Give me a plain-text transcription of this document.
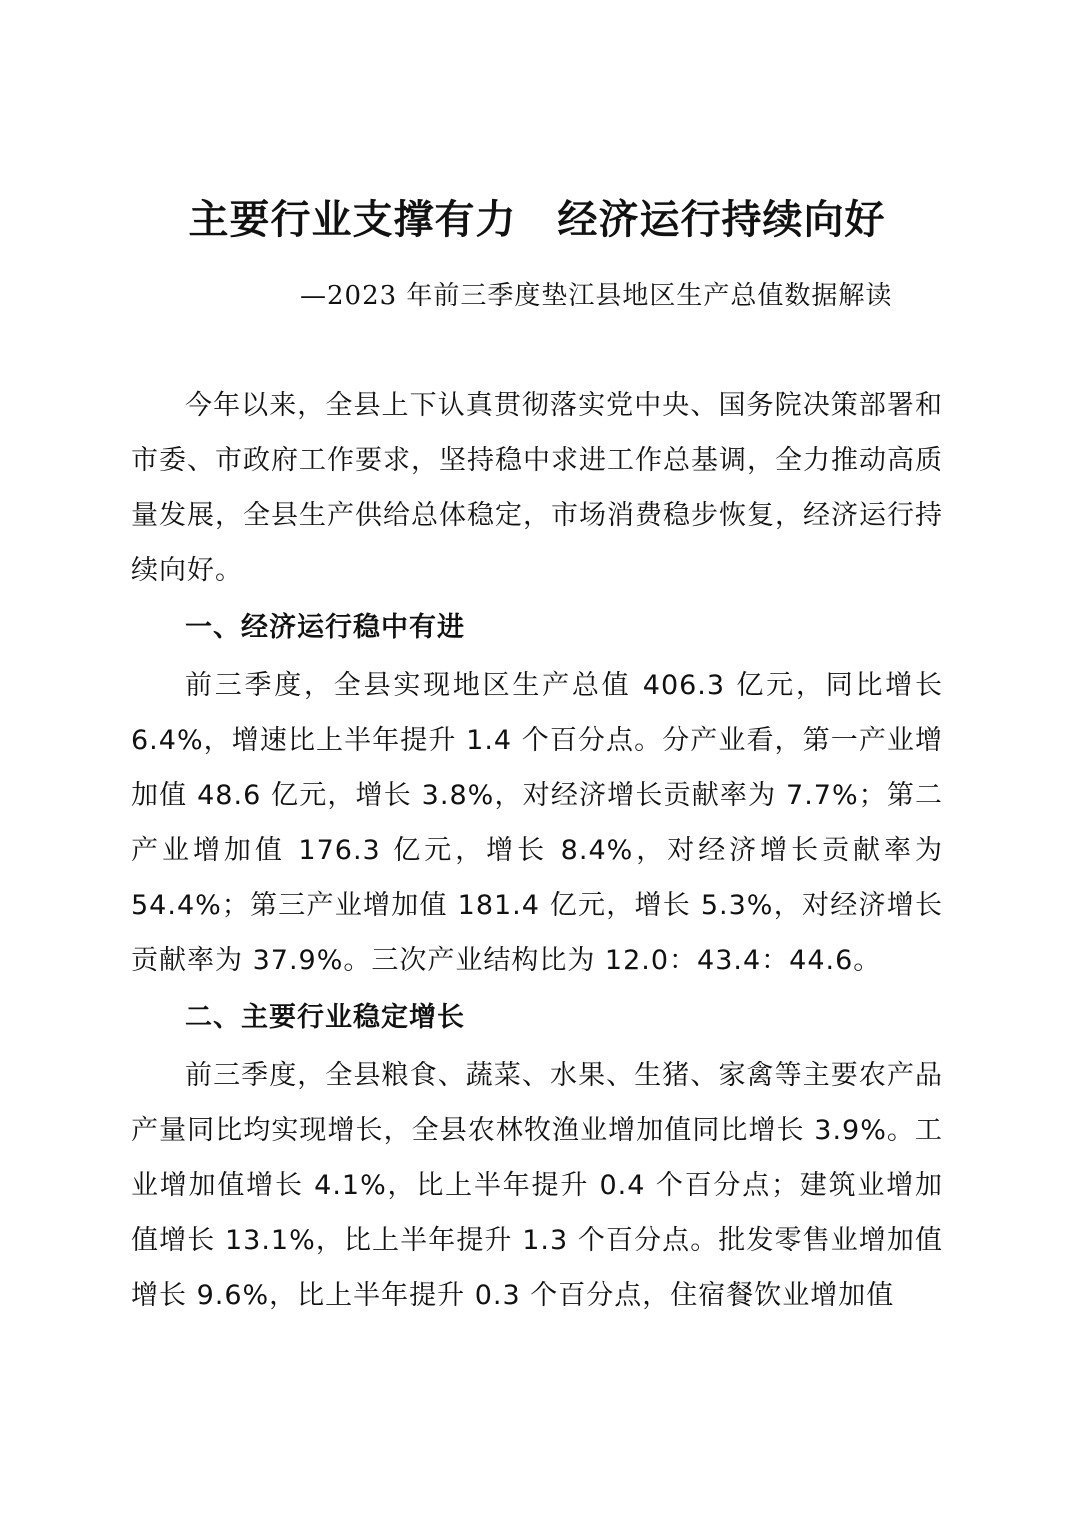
主要行业支撑有力　经济运行持续向好
—2023 年前三季度垫江县地区生产总值数据解读

今年以来，全县上下认真贯彻落实党中央、国务院决策部署和市委、市政府工作要求，坚持稳中求进工作总基调，全力推动高质量发展，全县生产供给总体稳定，市场消费稳步恢复，经济运行持续向好。

一、经济运行稳中有进

前三季度，全县实现地区生产总值 406.3 亿元，同比增长 6.4%，增速比上半年提升 1.4 个百分点。分产业看，第一产业增加值 48.6 亿元，增长 3.8%，对经济增长贡献率为 7.7%；第二产业增加值 176.3 亿元，增长 8.4%，对经济增长贡献率为 54.4%；第三产业增加值 181.4 亿元，增长 5.3%，对经济增长贡献率为 37.9%。三次产业结构比为 12.0：43.4：44.6。

二、主要行业稳定增长

前三季度，全县粮食、蔬菜、水果、生猪、家禽等主要农产品产量同比均实现增长，全县农林牧渔业增加值同比增长 3.9%。工业增加值增长 4.1%，比上半年提升 0.4 个百分点；建筑业增加值增长 13.1%，比上半年提升 1.3 个百分点。批发零售业增加值增长 9.6%，比上半年提升 0.3 个百分点，住宿餐饮业增加值
